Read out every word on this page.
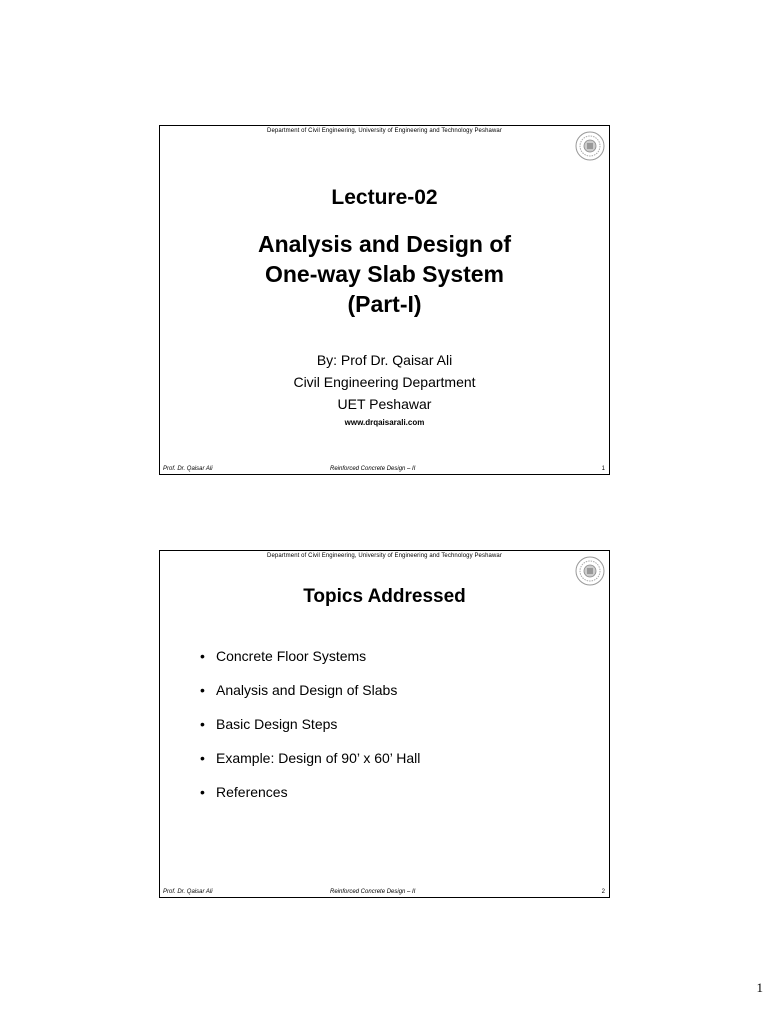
Department of Civil Engineering, University of Engineering and Technology Peshawar
Lecture-02
Analysis and Design of
One-way Slab System
(Part-I)
By: Prof Dr. Qaisar Ali
Civil Engineering Department
UET Peshawar
www.drqaisarali.com
Prof. Dr. Qaisar Ali	Reinforced Concrete Design – II	1
Department of Civil Engineering, University of Engineering and Technology Peshawar
Topics Addressed
• Concrete Floor Systems
• Analysis and Design of Slabs
• Basic Design Steps
• Example: Design of 90’ x 60’ Hall
• References
Prof. Dr. Qaisar Ali	Reinforced Concrete Design – II	2
1
